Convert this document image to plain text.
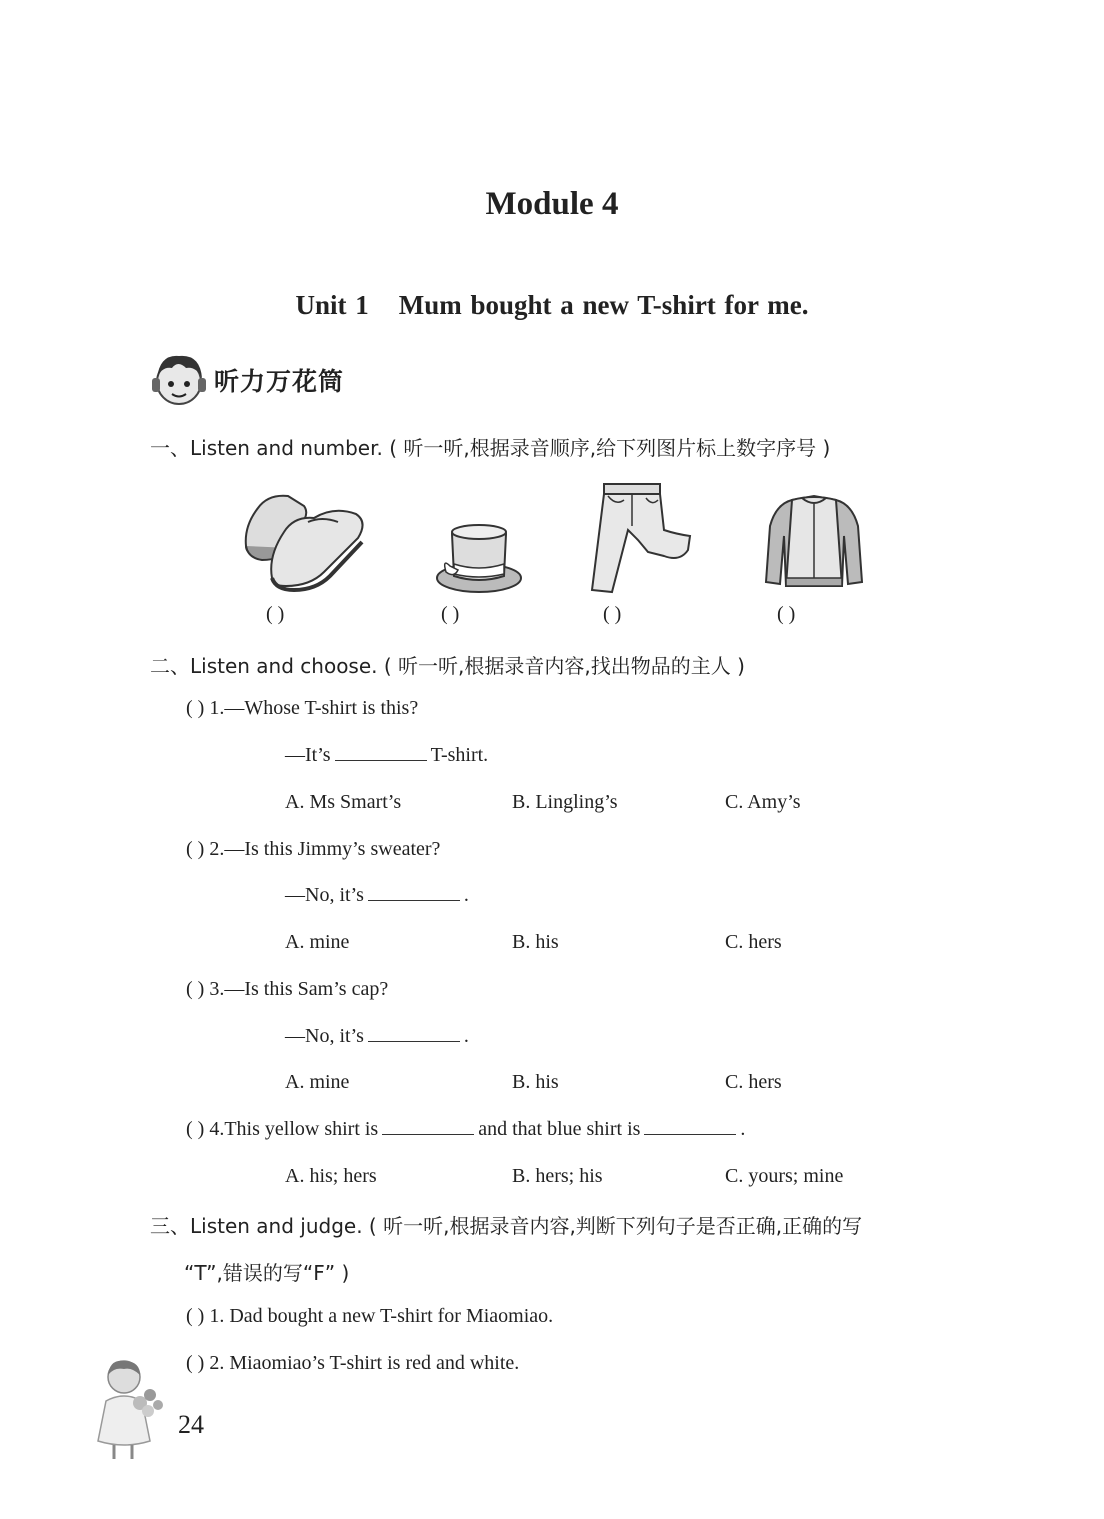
Module 4
Unit 1 Mum bought a new T-shirt for me.
听力万花筒
一、Listen and number. ( 听一听,根据录音顺序,给下列图片标上数字序号 )
( )	( )	( )	( )
二、Listen and choose. ( 听一听,根据录音内容,找出物品的主人 )
( ) 1.—Whose T-shirt is this?
—It’s	T-shirt.
A. Ms Smart’s	B. Lingling’s	C. Amy’s
( ) 2.—Is this Jimmy’s sweater?
—No, it’s	.
A. mine	B. his	C. hers
( ) 3.—Is this Sam’s cap?
—No, it’s	.
A. mine	B. his	C. hers
( ) 4.This yellow shirt is	and that blue shirt is	.
A. his; hers	B. hers; his	C. yours; mine
三、Listen and judge. ( 听一听,根据录音内容,判断下列句子是否正确,正确的写
“T”,错误的写“F” )
( ) 1. Dad bought a new T-shirt for Miaomiao.
( ) 2. Miaomiao’s T-shirt is red and white.
24
